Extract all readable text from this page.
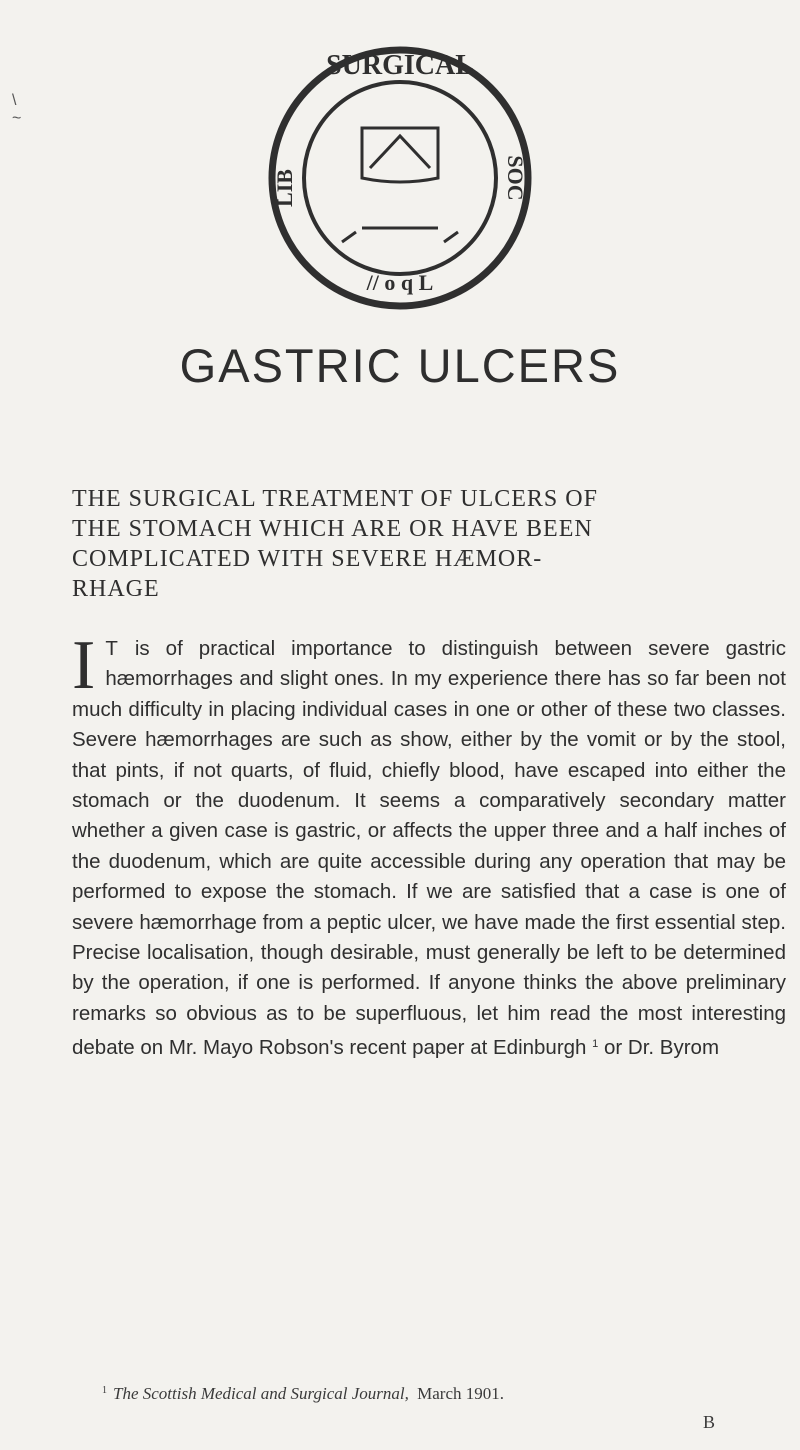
\
~
SURGICAL
// o q L
LIB	SOC
GASTRIC ULCERS
THE SURGICAL TREATMENT OF ULCERS OF
THE STOMACH WHICH ARE OR HAVE BEEN
COMPLICATED WITH SEVERE HÆMOR-
RHAGE
I T is of practical importance to distinguish between severe gastric hæmorrhages and slight ones. In my experience there has so far been not much difficulty in placing individual cases in one or other of these two classes. Severe hæmorrhages are such as show, either by the vomit or by the stool, that pints, if not quarts, of fluid, chiefly blood, have escaped into either the stomach or the duodenum. It seems a comparatively secondary matter whether a given case is gastric, or affects the upper three and a half inches of the duodenum, which are quite accessible during any operation that may be performed to expose the stomach. If we are satisfied that a case is one of severe hæmorrhage from a peptic ulcer, we have made the first essential step. Precise localisation, though desirable, must generally be left to be determined by the operation, if one is performed. If anyone thinks the above preliminary remarks so obvious as to be superfluous, let him read the most interesting debate on Mr. Mayo Robson's recent paper at Edinburgh $^1$ or Dr. Byrom
$^1$ The Scottish Medical and Surgical Journal, March 1901.
B
